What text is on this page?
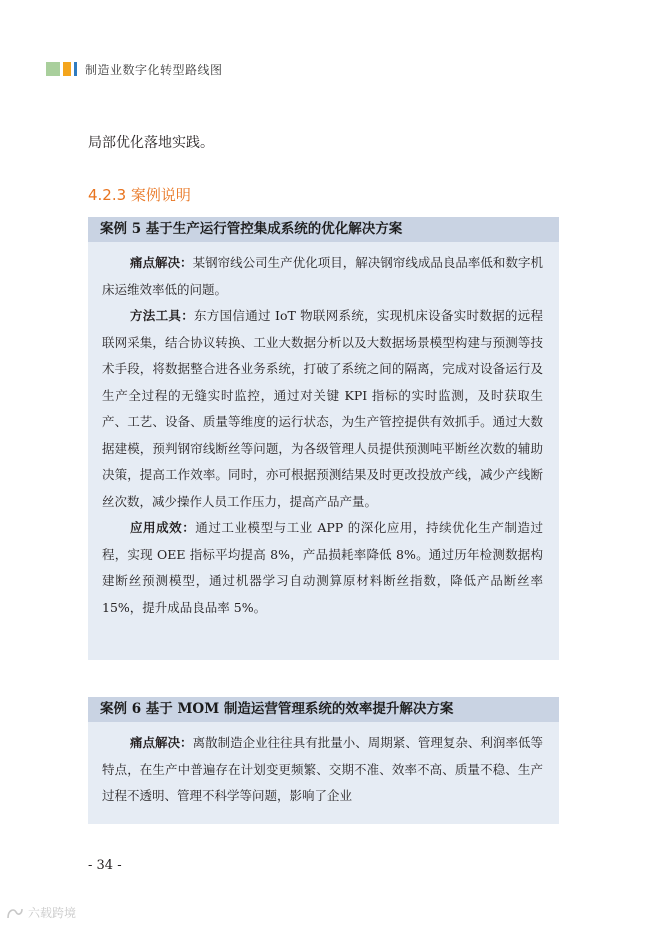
制造业数字化转型路线图
局部优化落地实践。
4.2.3 案例说明
案例 5 基于生产运行管控集成系统的优化解决方案

痛点解决：某钢帘线公司生产优化项目，解决钢帘线成品良品率低和数字机床运维效率低的问题。

方法工具：东方国信通过 IoT 物联网系统，实现机床设备实时数据的远程联网采集，结合协议转换、工业大数据分析以及大数据场景模型构建与预测等技术手段，将数据整合进各业务系统，打破了系统之间的隔离，完成对设备运行及生产全过程的无缝实时监控，通过对关键 KPI 指标的实时监测，及时获取生产、工艺、设备、质量等维度的运行状态，为生产管控提供有效抓手。通过大数据建模，预判钢帘线断丝等问题，为各级管理人员提供预测吨平断丝次数的辅助决策，提高工作效率。同时，亦可根据预测结果及时更改投放产线，减少产线断丝次数，减少操作人员工作压力，提高产品产量。

应用成效：通过工业模型与工业 APP 的深化应用，持续优化生产制造过程，实现 OEE 指标平均提高 8%，产品损耗率降低 8%。通过历年检测数据构建断丝预测模型，通过机器学习自动测算原材料断丝指数，降低产品断丝率 15%，提升成品良品率 5%。

案例 6 基于 MOM 制造运营管理系统的效率提升解决方案

痛点解决：离散制造企业往往具有批量小、周期紧、管理复杂、利润率低等特点，在生产中普遍存在计划变更频繁、交期不准、效率不高、质量不稳、生产过程不透明、管理不科学等问题，影响了企业

- 34 -
六载跨境
